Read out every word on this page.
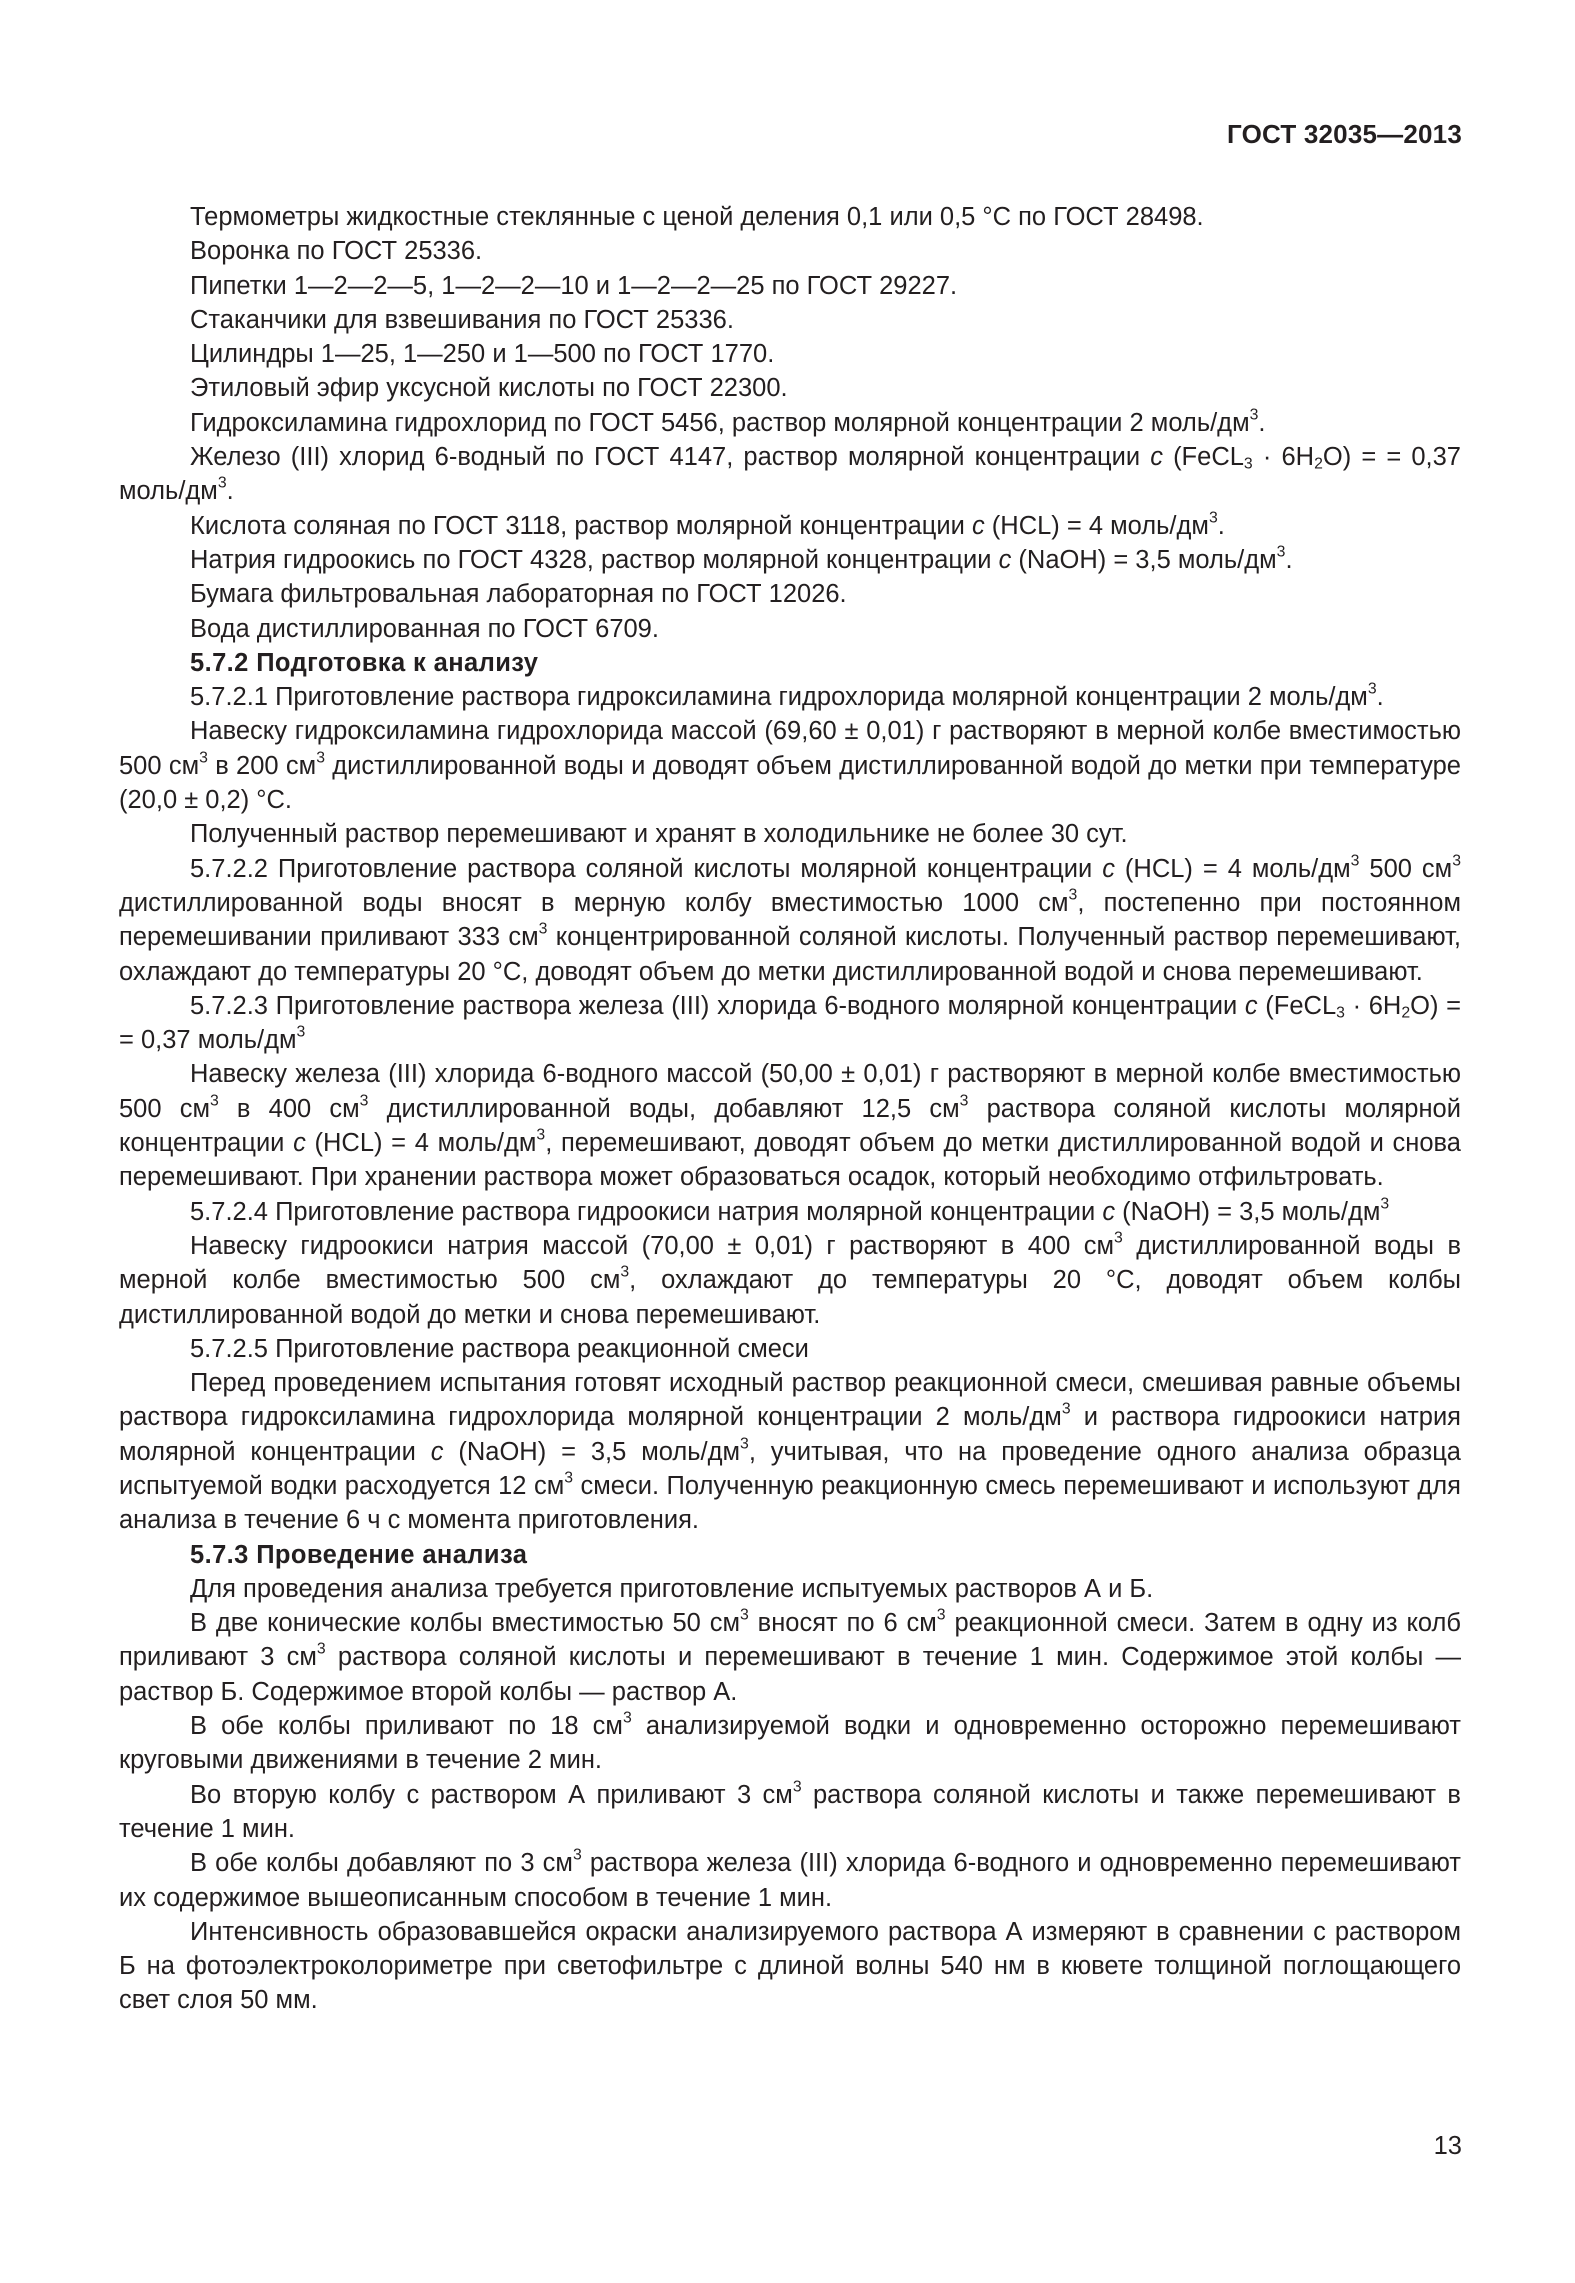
ГОСТ 32035—2013

Термометры жидкостные стеклянные с ценой деления 0,1 или 0,5 °С по ГОСТ 28498.

Воронка по ГОСТ 25336.

Пипетки 1—2—2—5, 1—2—2—10 и 1—2—2—25 по ГОСТ 29227.

Стаканчики для взвешивания по ГОСТ 25336.

Цилиндры 1—25, 1—250 и 1—500 по ГОСТ 1770.

Этиловый эфир уксусной кислоты по ГОСТ 22300.

Гидроксиламина гидрохлорид по ГОСТ 5456, раствор молярной концентрации 2 моль/$дм^3$.

Железо (III) хлорид 6-водный по ГОСТ 4147, раствор молярной концентрации с (FeCL$_3$ · $6H_2O$) = = 0,37 моль/$дм^3$.

Кислота соляная по ГОСТ 3118, раствор молярной концентрации с (HCL) = 4 моль/$дм^3$.

Натрия гидроокись по ГОСТ 4328, раствор молярной концентрации с (NaOH) = 3,5 моль/$дм^3$.

Бумага фильтровальная лабораторная по ГОСТ 12026.

Вода дистиллированная по ГОСТ 6709.

5.7.2 Подготовка к анализу

5.7.2.1 Приготовление раствора гидроксиламина гидрохлорида молярной концентрации 2 моль/$дм^3$.

Навеску гидроксиламина гидрохлорида массой (69,60 ± 0,01) г растворяют в мерной колбе вместимостью 500 $см^3$ в 200 $см^3$ дистиллированной воды и доводят объем дистиллированной водой до метки при температуре (20,0 ± 0,2) °С.

Полученный раствор перемешивают и хранят в холодильнике не более 30 сут.

5.7.2.2 Приготовление раствора соляной кислоты молярной концентрации с (HCL) = 4 моль/$дм^3$ 500 $см^3$ дистиллированной воды вносят в мерную колбу вместимостью 1000 $см^3$, постепенно при постоянном перемешивании приливают 333 $см^3$ концентрированной соляной кислоты. Полученный раствор перемешивают, охлаждают до температуры 20 °С, доводят объем до метки дистиллированной водой и снова перемешивают.

5.7.2.3 Приготовление раствора железа (III) хлорида 6-водного молярной концентрации с (FeCL$_3$ · $6H_2O$) = = 0,37 моль/$дм^3$

Навеску железа (III) хлорида 6-водного массой (50,00 ± 0,01) г растворяют в мерной колбе вместимостью 500 $см^3$ в 400 $см^3$ дистиллированной воды, добавляют 12,5 $см^3$ раствора соляной кислоты молярной концентрации с (HCL) = 4 моль/$дм^3$, перемешивают, доводят объем до метки дистиллированной водой и снова перемешивают. При хранении раствора может образоваться осадок, который необходимо отфильтровать.

5.7.2.4 Приготовление раствора гидроокиси натрия молярной концентрации с (NaOH) = 3,5 моль/$дм^3$

Навеску гидроокиси натрия массой (70,00 ± 0,01) г растворяют в 400 $см^3$ дистиллированной воды в мерной колбе вместимостью 500 $см^3$, охлаждают до температуры 20 °С, доводят объем колбы дистиллированной водой до метки и снова перемешивают.

5.7.2.5 Приготовление раствора реакционной смеси

Перед проведением испытания готовят исходный раствор реакционной смеси, смешивая равные объемы раствора гидроксиламина гидрохлорида молярной концентрации 2 моль/$дм^3$ и раствора гидроокиси натрия молярной концентрации с (NaOH) = 3,5 моль/$дм^3$, учитывая, что на проведение одного анализа образца испытуемой водки расходуется 12 $см^3$ смеси. Полученную реакционную смесь перемешивают и используют для анализа в течение 6 ч с момента приготовления.

5.7.3 Проведение анализа

Для проведения анализа требуется приготовление испытуемых растворов А и Б.

В две конические колбы вместимостью 50 $см^3$ вносят по 6 $см^3$ реакционной смеси. Затем в одну из колб приливают 3 $см^3$ раствора соляной кислоты и перемешивают в течение 1 мин. Содержимое этой колбы — раствор Б. Содержимое второй колбы — раствор А.

В обе колбы приливают по 18 $см^3$ анализируемой водки и одновременно осторожно перемешивают круговыми движениями в течение 2 мин.

Во вторую колбу с раствором А приливают 3 $см^3$ раствора соляной кислоты и также перемешивают в течение 1 мин.

В обе колбы добавляют по 3 $см^3$ раствора железа (III) хлорида 6-водного и одновременно перемешивают их содержимое вышеописанным способом в течение 1 мин.

Интенсивность образовавшейся окраски анализируемого раствора А измеряют в сравнении с раствором Б на фотоэлектроколориметре при светофильтре с длиной волны 540 нм в кювете толщиной поглощающего свет слоя 50 мм.

13
